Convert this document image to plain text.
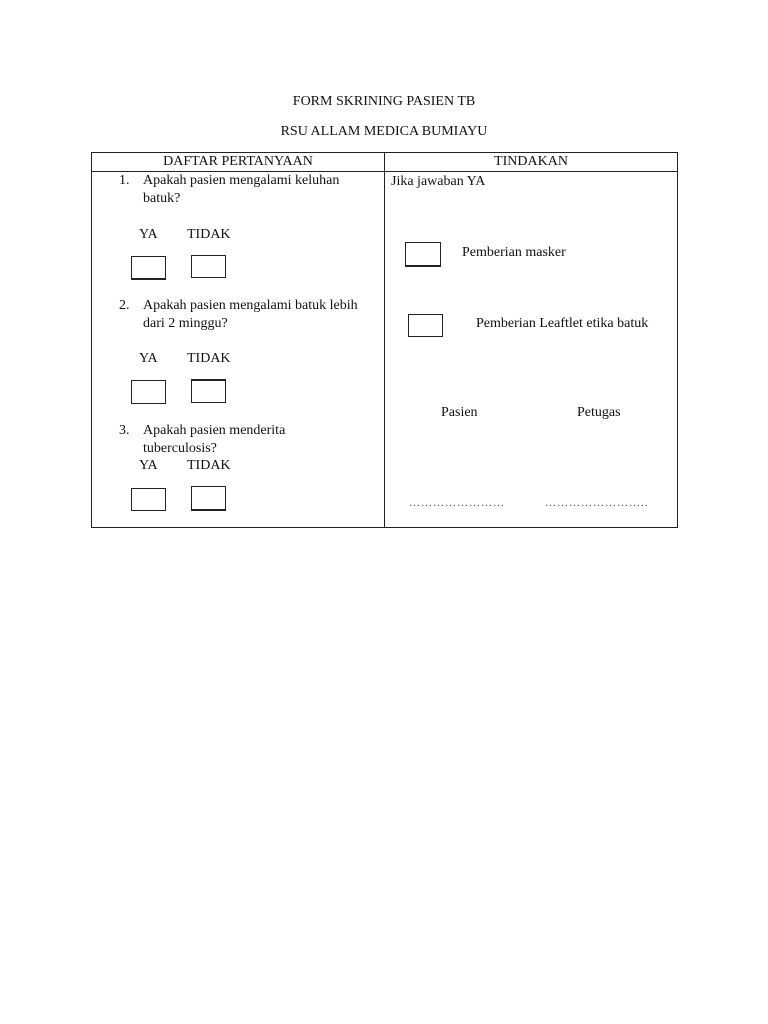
FORM SKRINING PASIEN TB
RSU ALLAM MEDICA BUMIAYU
DAFTAR PERTANYAAN	TINDAKAN
1. Apakah pasien mengalami keluhan
batuk?
YA TIDAK
2. Apakah pasien mengalami batuk lebih
dari 2 minggu?
YA TIDAK
3. Apakah pasien menderita
tuberculosis?
YA TIDAK
Jika jawaban YA
Pemberian masker
Pemberian Leaftlet etika batuk
Pasien	Petugas
……………………	……………………..
